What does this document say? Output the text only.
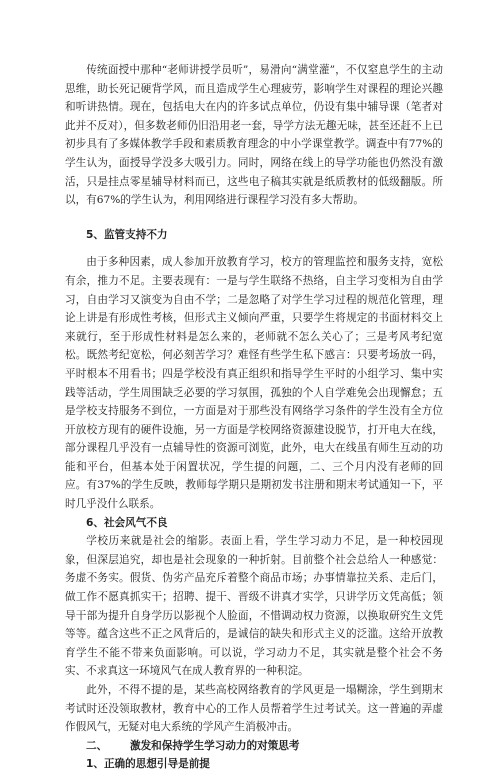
传统面授中那种“老师讲授学员听”，易滑向“满堂灌”，不仅窒息学生的主动思维，助长死记硬背学风，而且造成学生心理疲劳，影响学生对课程的理论兴趣和听讲热情。现在，包括电大在内的许多试点单位，仍设有集中辅导课（笔者对此并不反对），但多数老师仍旧沿用老一套，导学方法无趣无味，甚至还赶不上已初步具有了多媒体教学手段和素质教育理念的中小学课堂教学。调查中有77%的学生认为，面授导学没多大吸引力。同时，网络在线上的导学功能也仍然没有激活，只是挂点零星辅导材料而已，这些电子稿其实就是纸质教材的低级翻版。所以，有67%的学生认为，利用网络进行课程学习没有多大帮助。

5、监管支持不力

由于多种因素，成人参加开放教育学习，校方的管理监控和服务支持，宽松有余，推力不足。主要表现有：一是与学生联络不热络，自主学习变相为自由学习，自由学习又演变为自由不学；二是忽略了对学生学习过程的规范化管理，理论上讲是有形成性考核，但形式主义倾向严重，只要学生将规定的书面材料交上来就行，至于形成性材料是怎么来的，老师就不怎么关心了；三是考风考纪宽松。既然考纪宽松，何必刻苦学习？难怪有些学生私下感言：只要考场放一码，平时根本不用看书；四是学校没有真正组织和指导学生平时的小组学习、集中实践等活动，学生周围缺乏必要的学习氛围，孤独的个人自学难免会出现懈怠；五是学校支持服务不到位，一方面是对于那些没有网络学习条件的学生没有全方位开放校方现有的硬件设施，另一方面是学校网络资源建设脱节，打开电大在线，部分课程几乎没有一点辅导性的资源可浏览，此外，电大在线虽有师生互动的功能和平台，但基本处于闲置状况，学生提的问题，二、三个月内没有老师的回应。有37%的学生反映，教师每学期只是期初发书注册和期末考试通知一下，平时几乎没什么联系。

6、社会风气不良

学校历来就是社会的缩影。表面上看，学生学习动力不足，是一种校园现象，但深层追究，却也是社会现象的一种折射。目前整个社会总给人一种感觉：务虚不务实。假货、伪劣产品充斥着整个商品市场；办事情靠拉关系、走后门，做工作不愿真抓实干；招聘、提干、晋级不讲真才实学，只讲学历文凭高低；领导干部为提升自身学历以影视个人脸面，不惜调动权力资源，以换取研究生文凭等等。蕴含这些不正之风背后的，是诚信的缺失和形式主义的泛滥。这给开放教育学生不能不带来负面影响。可以说，学习动力不足，其实就是整个社会不务实、不求真这一环境风气在成人教育界的一种积淀。

此外，不得不提的是，某些高校网络教育的学风更是一塌糊涂，学生到期末考试时还没领取教材，教育中心的工作人员帮着学生过考试关。这一普遍的弄虚作假风气，无疑对电大系统的学风产生消极冲击。

二、	激发和保持学生学习动力的对策思考

1、正确的思想引导是前提
